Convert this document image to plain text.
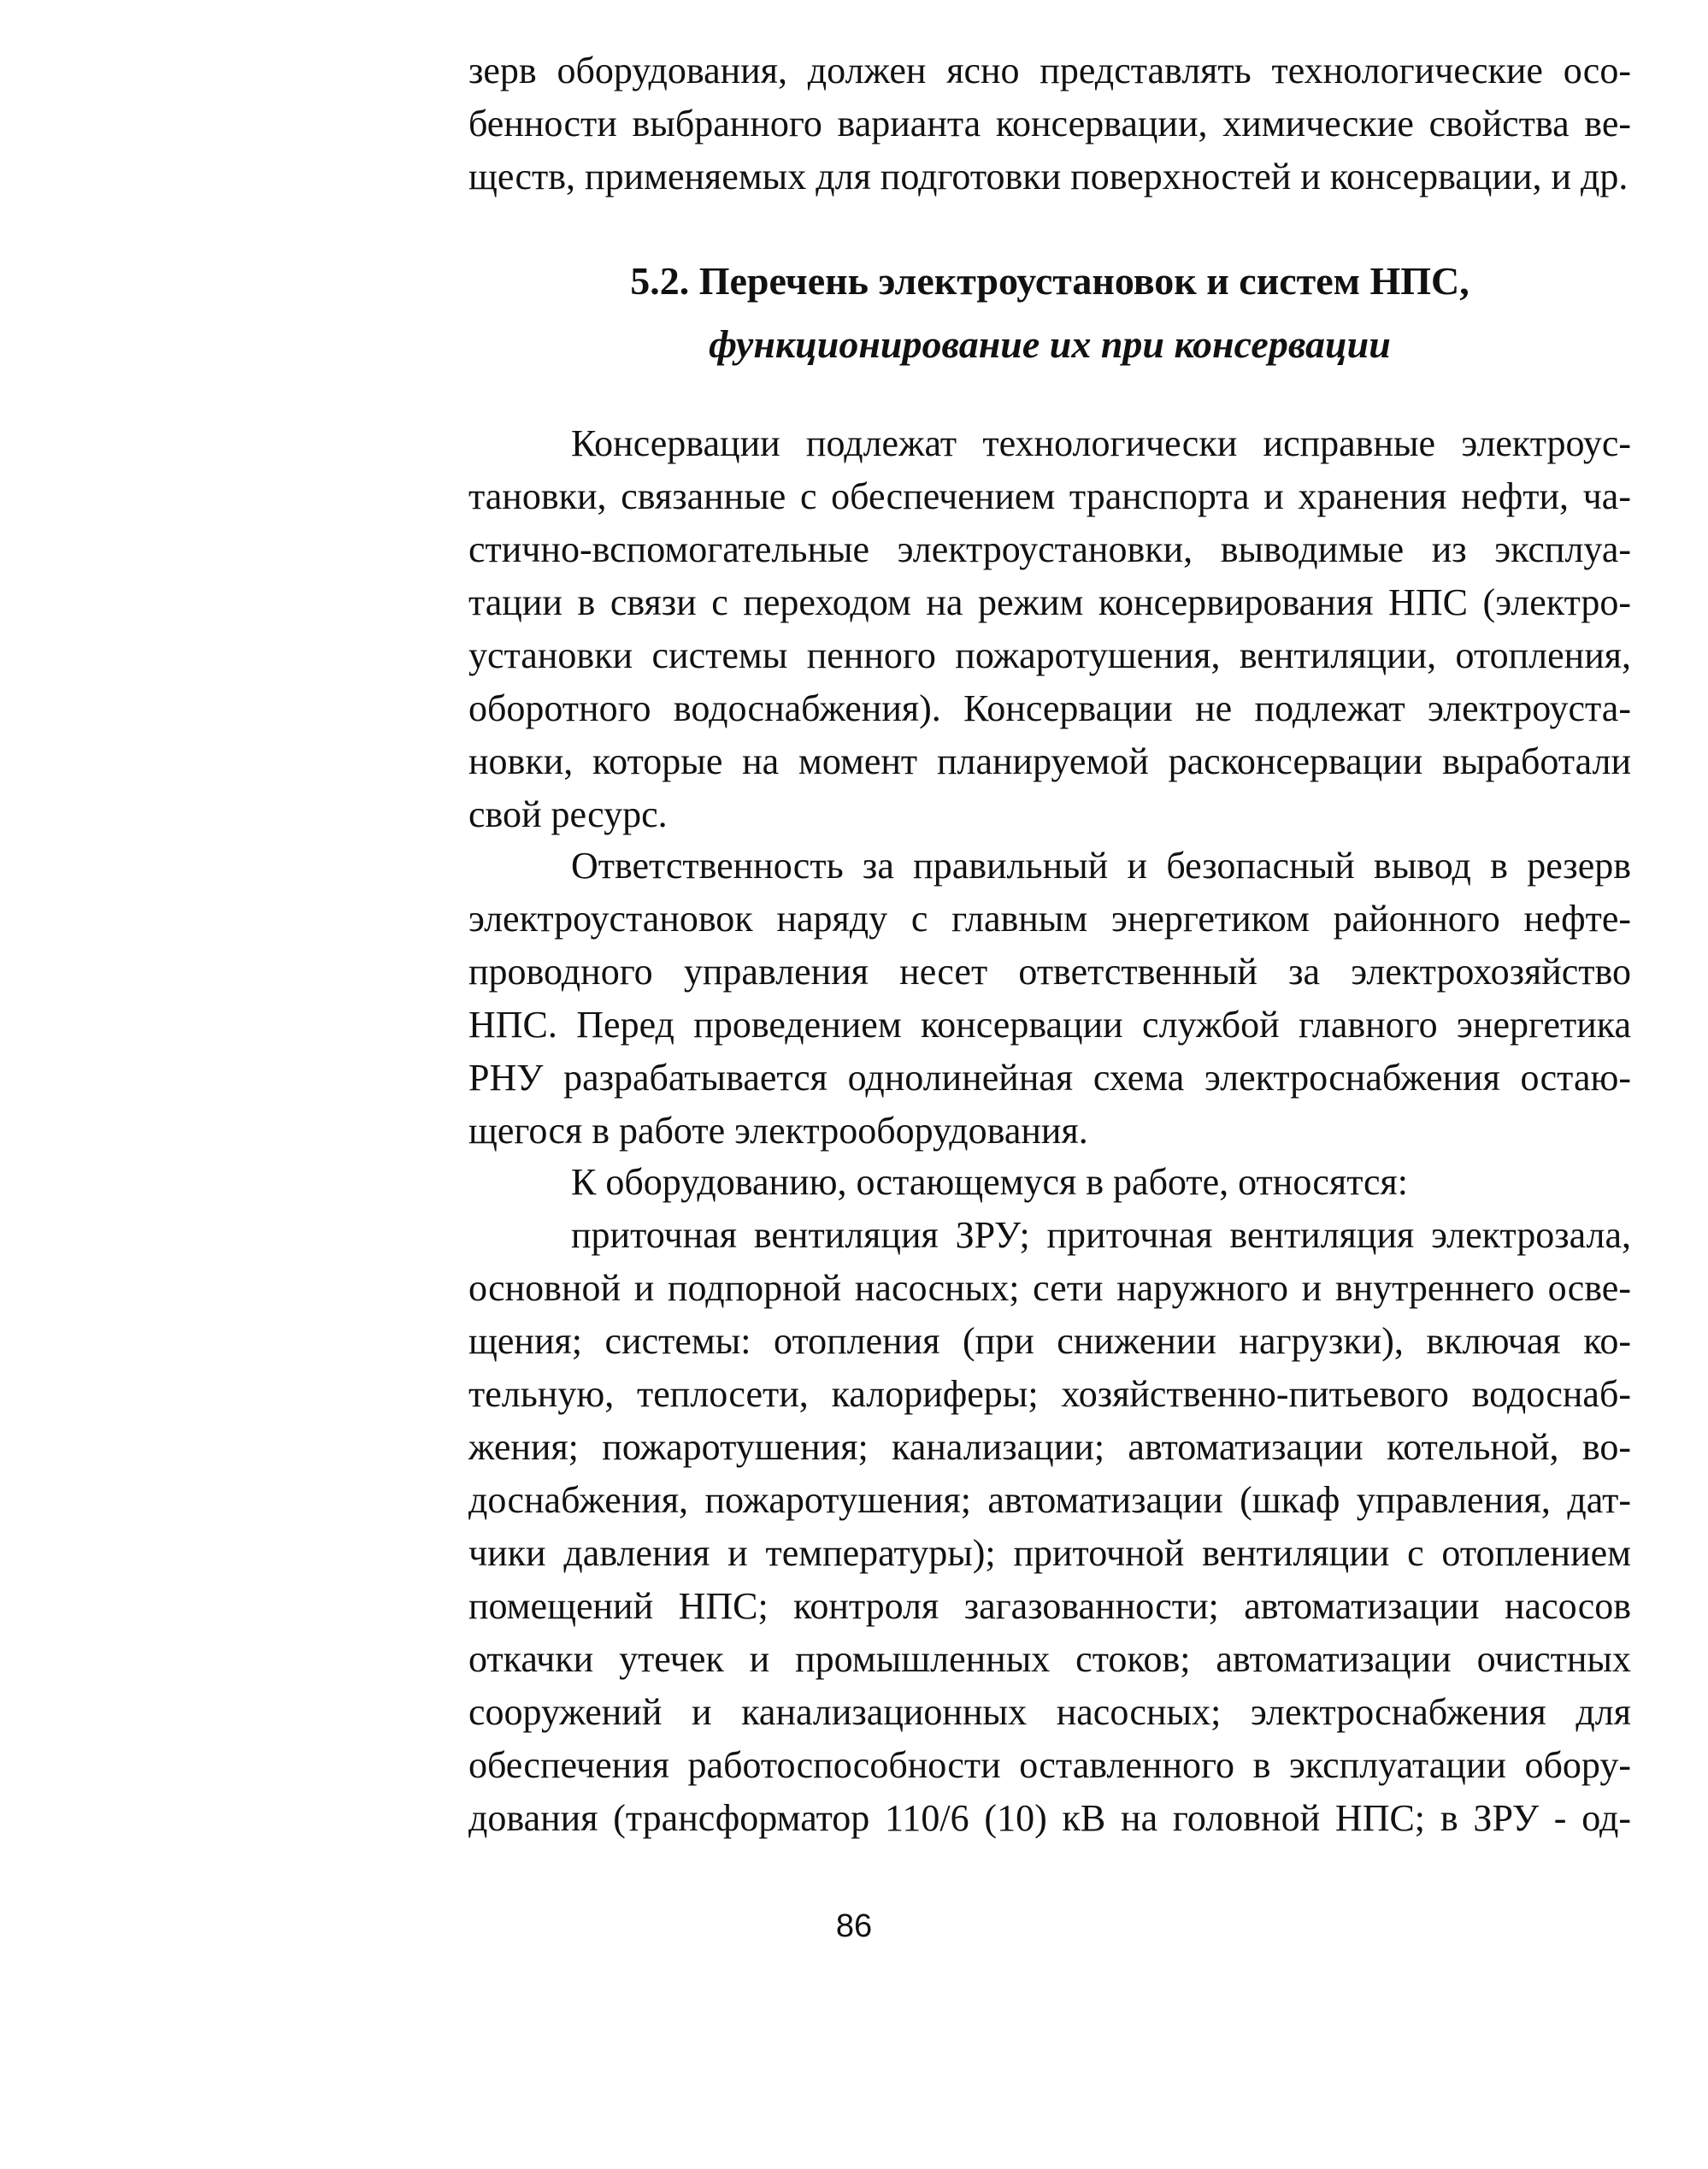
зерв оборудования, должен ясно представлять технологические осо-
бенности выбранного варианта консервации, химические свойства ве-
ществ, применяемых для подготовки поверхностей и консервации, и др.
5.2. Перечень электроустановок и систем НПС,
функционирование их при консервации
Консервации подлежат технологически исправные электроус-
тановки, связанные с обеспечением транспорта и хранения нефти, ча-
стично-вспомогательные электроустановки, выводимые из эксплуа-
тации в связи с переходом на режим консервирования НПС (электро-
установки системы пенного пожаротушения, вентиляции, отопления,
оборотного водоснабжения). Консервации не подлежат электроуста-
новки, которые на момент планируемой расконсервации выработали
свой ресурс.
Ответственность за правильный и безопасный вывод в резерв
электроустановок наряду с главным энергетиком районного нефте-
проводного управления несет ответственный за электрохозяйство
НПС. Перед проведением консервации службой главного энергетика
РНУ разрабатывается однолинейная схема электроснабжения остаю-
щегося в работе электрооборудования.
К оборудованию, остающемуся в работе, относятся:
приточная вентиляция ЗРУ; приточная вентиляция электрозала,
основной и подпорной насосных; сети наружного и внутреннего осве-
щения; системы: отопления (при снижении нагрузки), включая ко-
тельную, теплосети, калориферы; хозяйственно-питьевого водоснаб-
жения; пожаротушения; канализации; автоматизации котельной, во-
доснабжения, пожаротушения; автоматизации (шкаф управления, дат-
чики давления и температуры); приточной вентиляции с отоплением
помещений НПС; контроля загазованности; автоматизации насосов
откачки утечек и промышленных стоков; автоматизации очистных
сооружений и канализационных насосных; электроснабжения для
обеспечения работоспособности оставленного в эксплуатации обору-
дования (трансформатор 110/6 (10) кВ на головной НПС; в ЗРУ - од-
86
